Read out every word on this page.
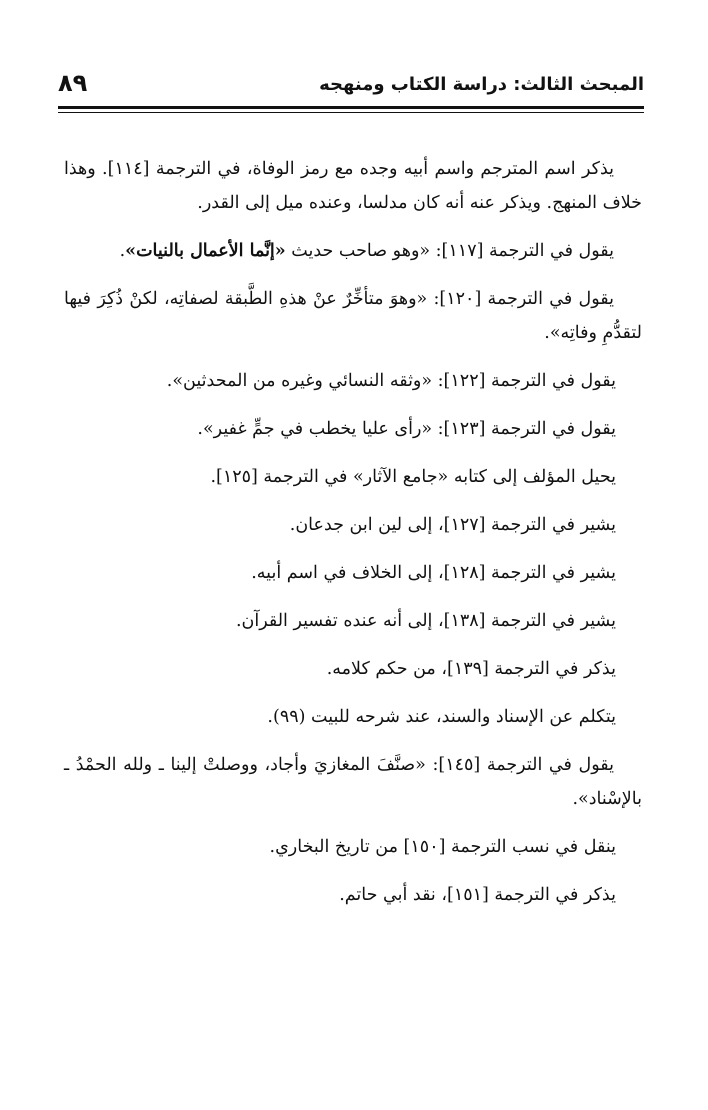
المبحث الثالث: دراسة الكتاب ومنهجه
٨٩

يذكر اسم المترجم واسم أبيه وجده مع رمز الوفاة، في الترجمة [١١٤]. وهذا خلاف المنهج. ويذكر عنه أنه كان مدلسا، وعنده ميل إلى القدر.

يقول في الترجمة [١١٧]: «وهو صاحب حديث «إنَّما الأعمال بالنيات».

يقول في الترجمة [١٢٠]: «وهوَ متأخِّرٌ عنْ هذهِ الطَّبقة لصفاتِه، لكنْ ذُكِرَ فيها لتقدُّمِ وفاتِه».

يقول في الترجمة [١٢٢]: «وثقه النسائي وغيره من المحدثين».

يقول في الترجمة [١٢٣]: «رأى عليا يخطب في جمٍّ غفير».

يحيل المؤلف إلى كتابه «جامع الآثار» في الترجمة [١٢٥].

يشير في الترجمة [١٢٧]، إلى لين ابن جدعان.

يشير في الترجمة [١٢٨]، إلى الخلاف في اسم أبيه.

يشير في الترجمة [١٣٨]، إلى أنه عنده تفسير القرآن.

يذكر في الترجمة [١٣٩]، من حكم كلامه.

يتكلم عن الإسناد والسند، عند شرحه للبيت (٩٩).

يقول في الترجمة [١٤٥]: «صنَّفَ المغازيَ وأجاد، ووصلتْ إلينا ـ ولله الحمْدُ ـ بالإسْناد».

ينقل في نسب الترجمة [١٥٠] من تاريخ البخاري.

يذكر في الترجمة [١٥١]، نقد أبي حاتم.
